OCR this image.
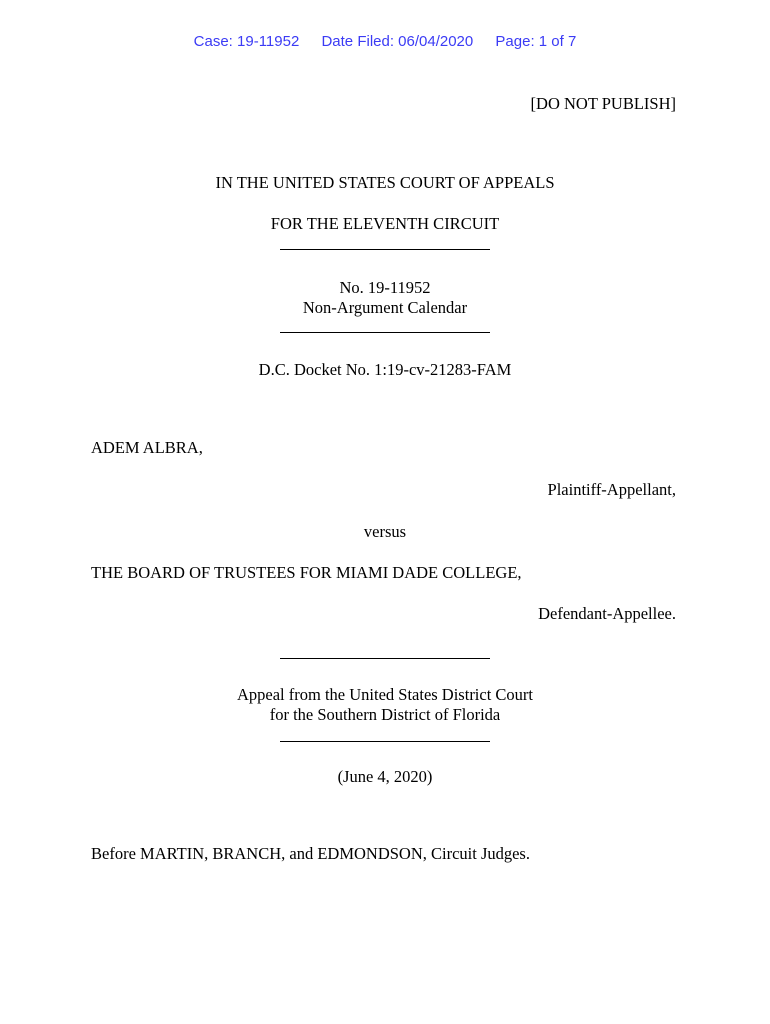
Case: 19-11952 Date Filed: 06/04/2020 Page: 1 of 7
[DO NOT PUBLISH]
IN THE UNITED STATES COURT OF APPEALS
FOR THE ELEVENTH CIRCUIT
No. 19-11952
Non-Argument Calendar
D.C. Docket No. 1:19-cv-21283-FAM
ADEM ALBRA,
Plaintiff-Appellant,
versus
THE BOARD OF TRUSTEES FOR MIAMI DADE COLLEGE,
Defendant-Appellee.
Appeal from the United States District Court
for the Southern District of Florida
(June 4, 2020)
Before MARTIN, BRANCH, and EDMONDSON, Circuit Judges.
